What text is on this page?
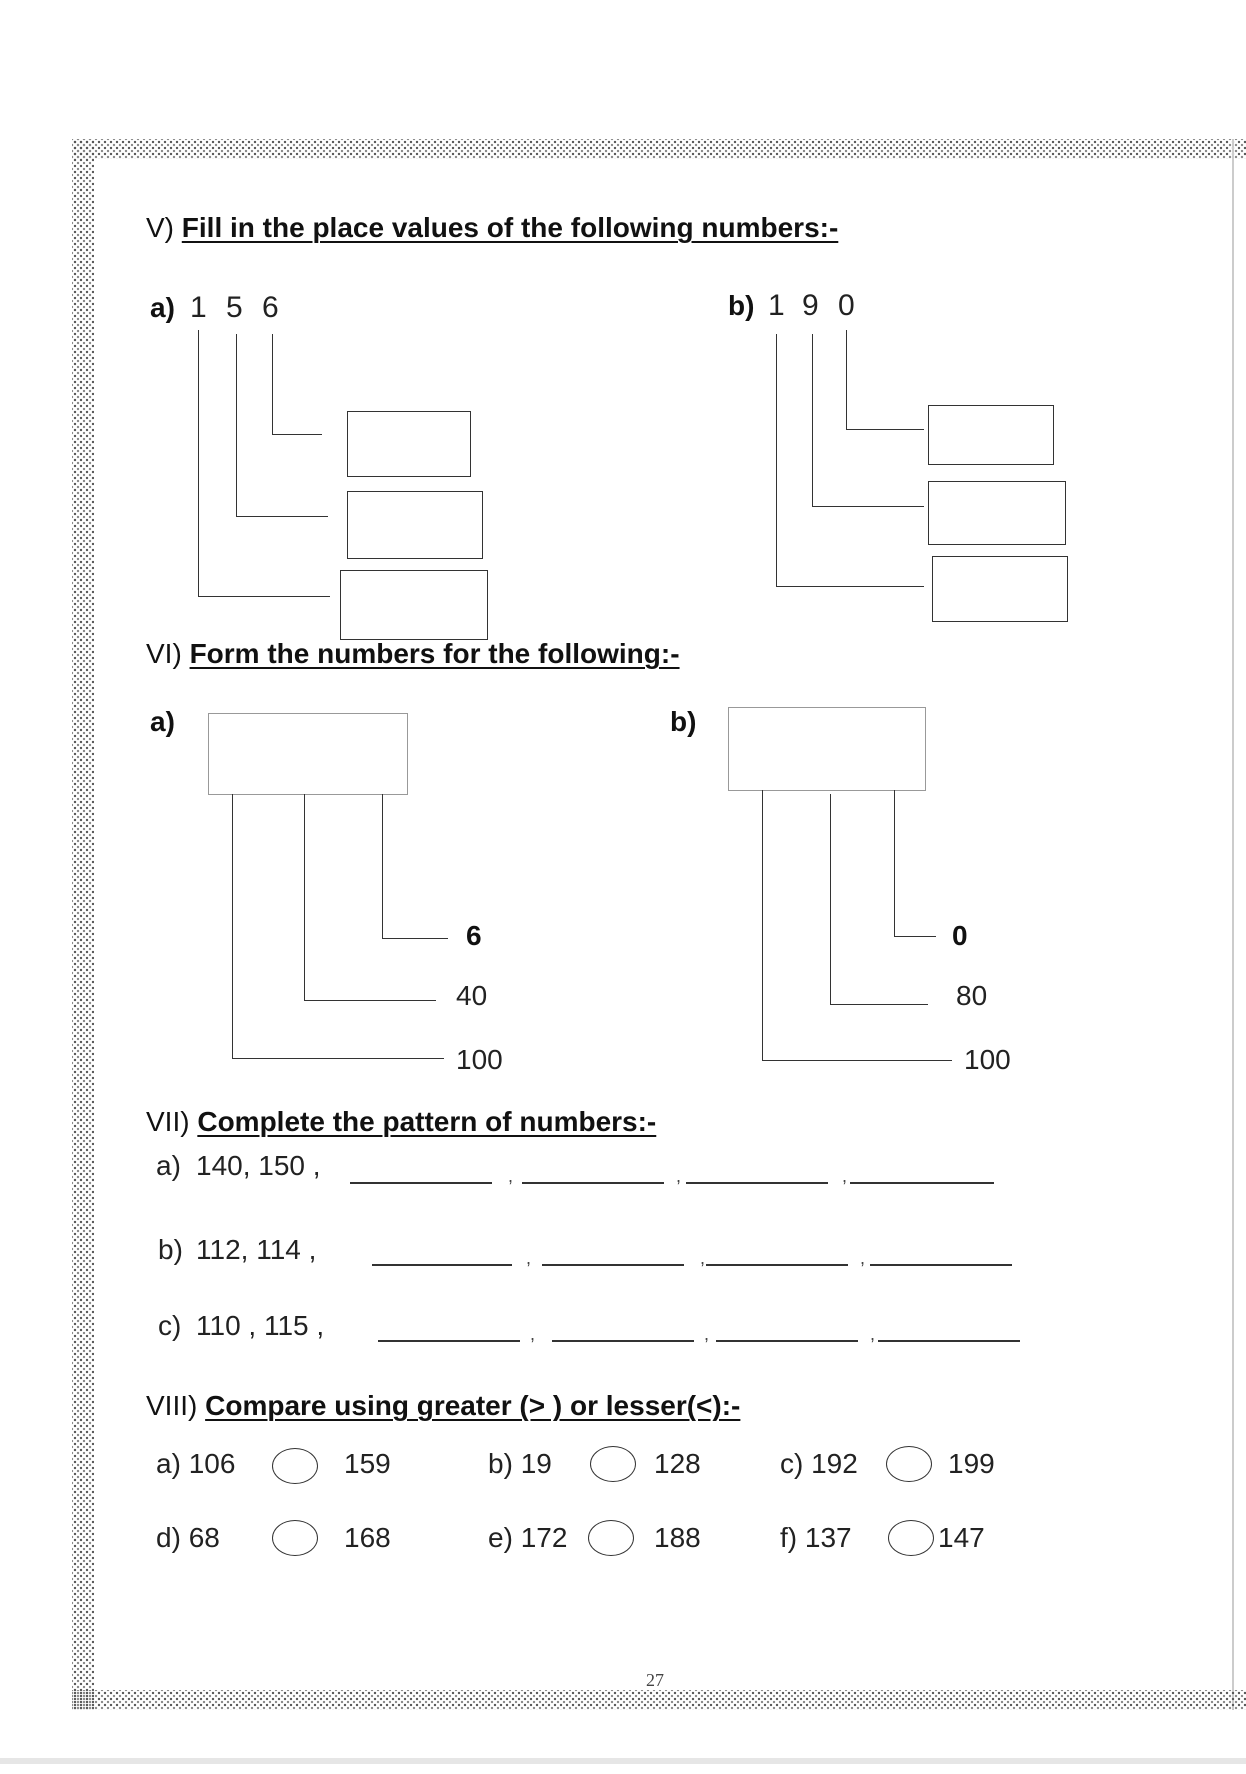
V) Fill in the place values of the following numbers:-
a) 1 5 6	b) 1 9 0
VI) Form the numbers for the following:-
a)
6
40
100
b)
0
80
100
VII) Complete the pattern of numbers:-
a) 140, 150 ,	,	,	,
b) 112, 114 ,	,	,	,
c) 110 , 115 ,	,	,	,
VIII) Compare using greater (> ) or lesser(<):-
a) 106	159	b) 19	128	c) 192	199
d) 68	168	e) 172	188	f) 137	147
27
